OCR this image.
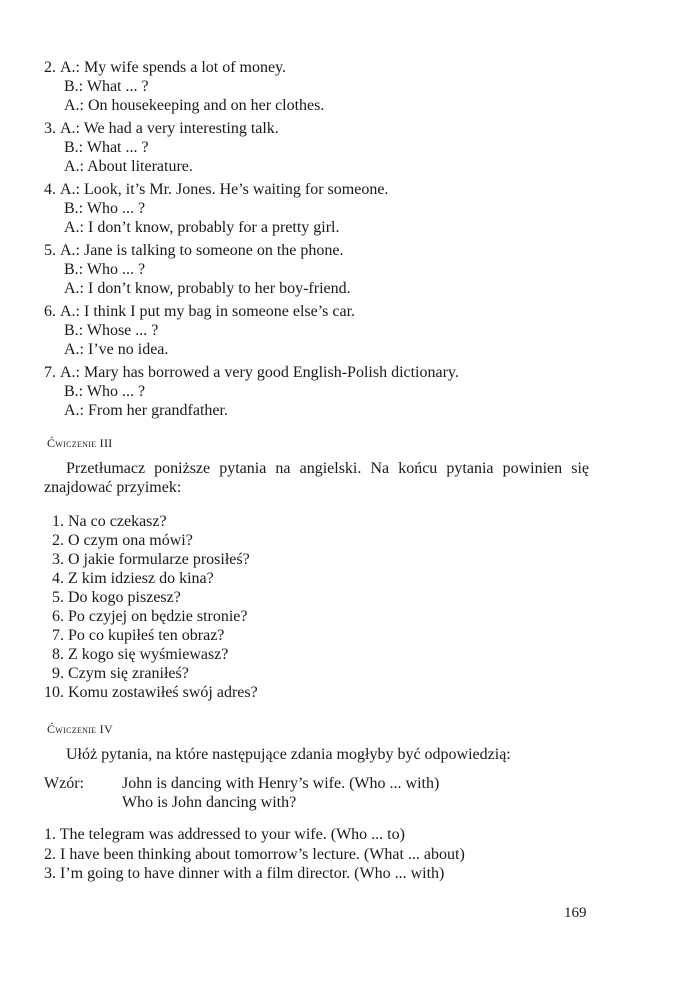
2. A.: My wife spends a lot of money.
B.: What ... ?
A.: On housekeeping and on her clothes.
3. A.: We had a very interesting talk.
B.: What ... ?
A.: About literature.
4. A.: Look, it’s Mr. Jones. He’s waiting for someone.
B.: Who ... ?
A.: I don’t know, probably for a pretty girl.
5. A.: Jane is talking to someone on the phone.
B.: Who ... ?
A.: I don’t know, probably to her boy-friend.
6. A.: I think I put my bag in someone else’s car.
B.: Whose ... ?
A.: I’ve no idea.
7. A.: Mary has borrowed a very good English-Polish dictionary.
B.: Who ... ?
A.: From her grandfather.
Ćwiczenie III
Przetłumacz poniższe pytania na angielski. Na końcu pytania powinien się znajdować przyimek:
1. Na co czekasz?
2. O czym ona mówi?
3. O jakie formularze prosiłeś?
4. Z kim idziesz do kina?
5. Do kogo piszesz?
6. Po czyjej on będzie stronie?
7. Po co kupiłeś ten obraz?
8. Z kogo się wyśmiewasz?
9. Czym się zraniłeś?
10. Komu zostawiłeś swój adres?
Ćwiczenie IV
Ułóż pytania, na które następujące zdania mogłyby być odpowiedzią:
Wzór: John is dancing with Henry’s wife. (Who ... with)
Who is John dancing with?
1. The telegram was addressed to your wife. (Who ... to)
2. I have been thinking about tomorrow’s lecture. (What ... about)
3. I’m going to have dinner with a film director. (Who ... with)
169
